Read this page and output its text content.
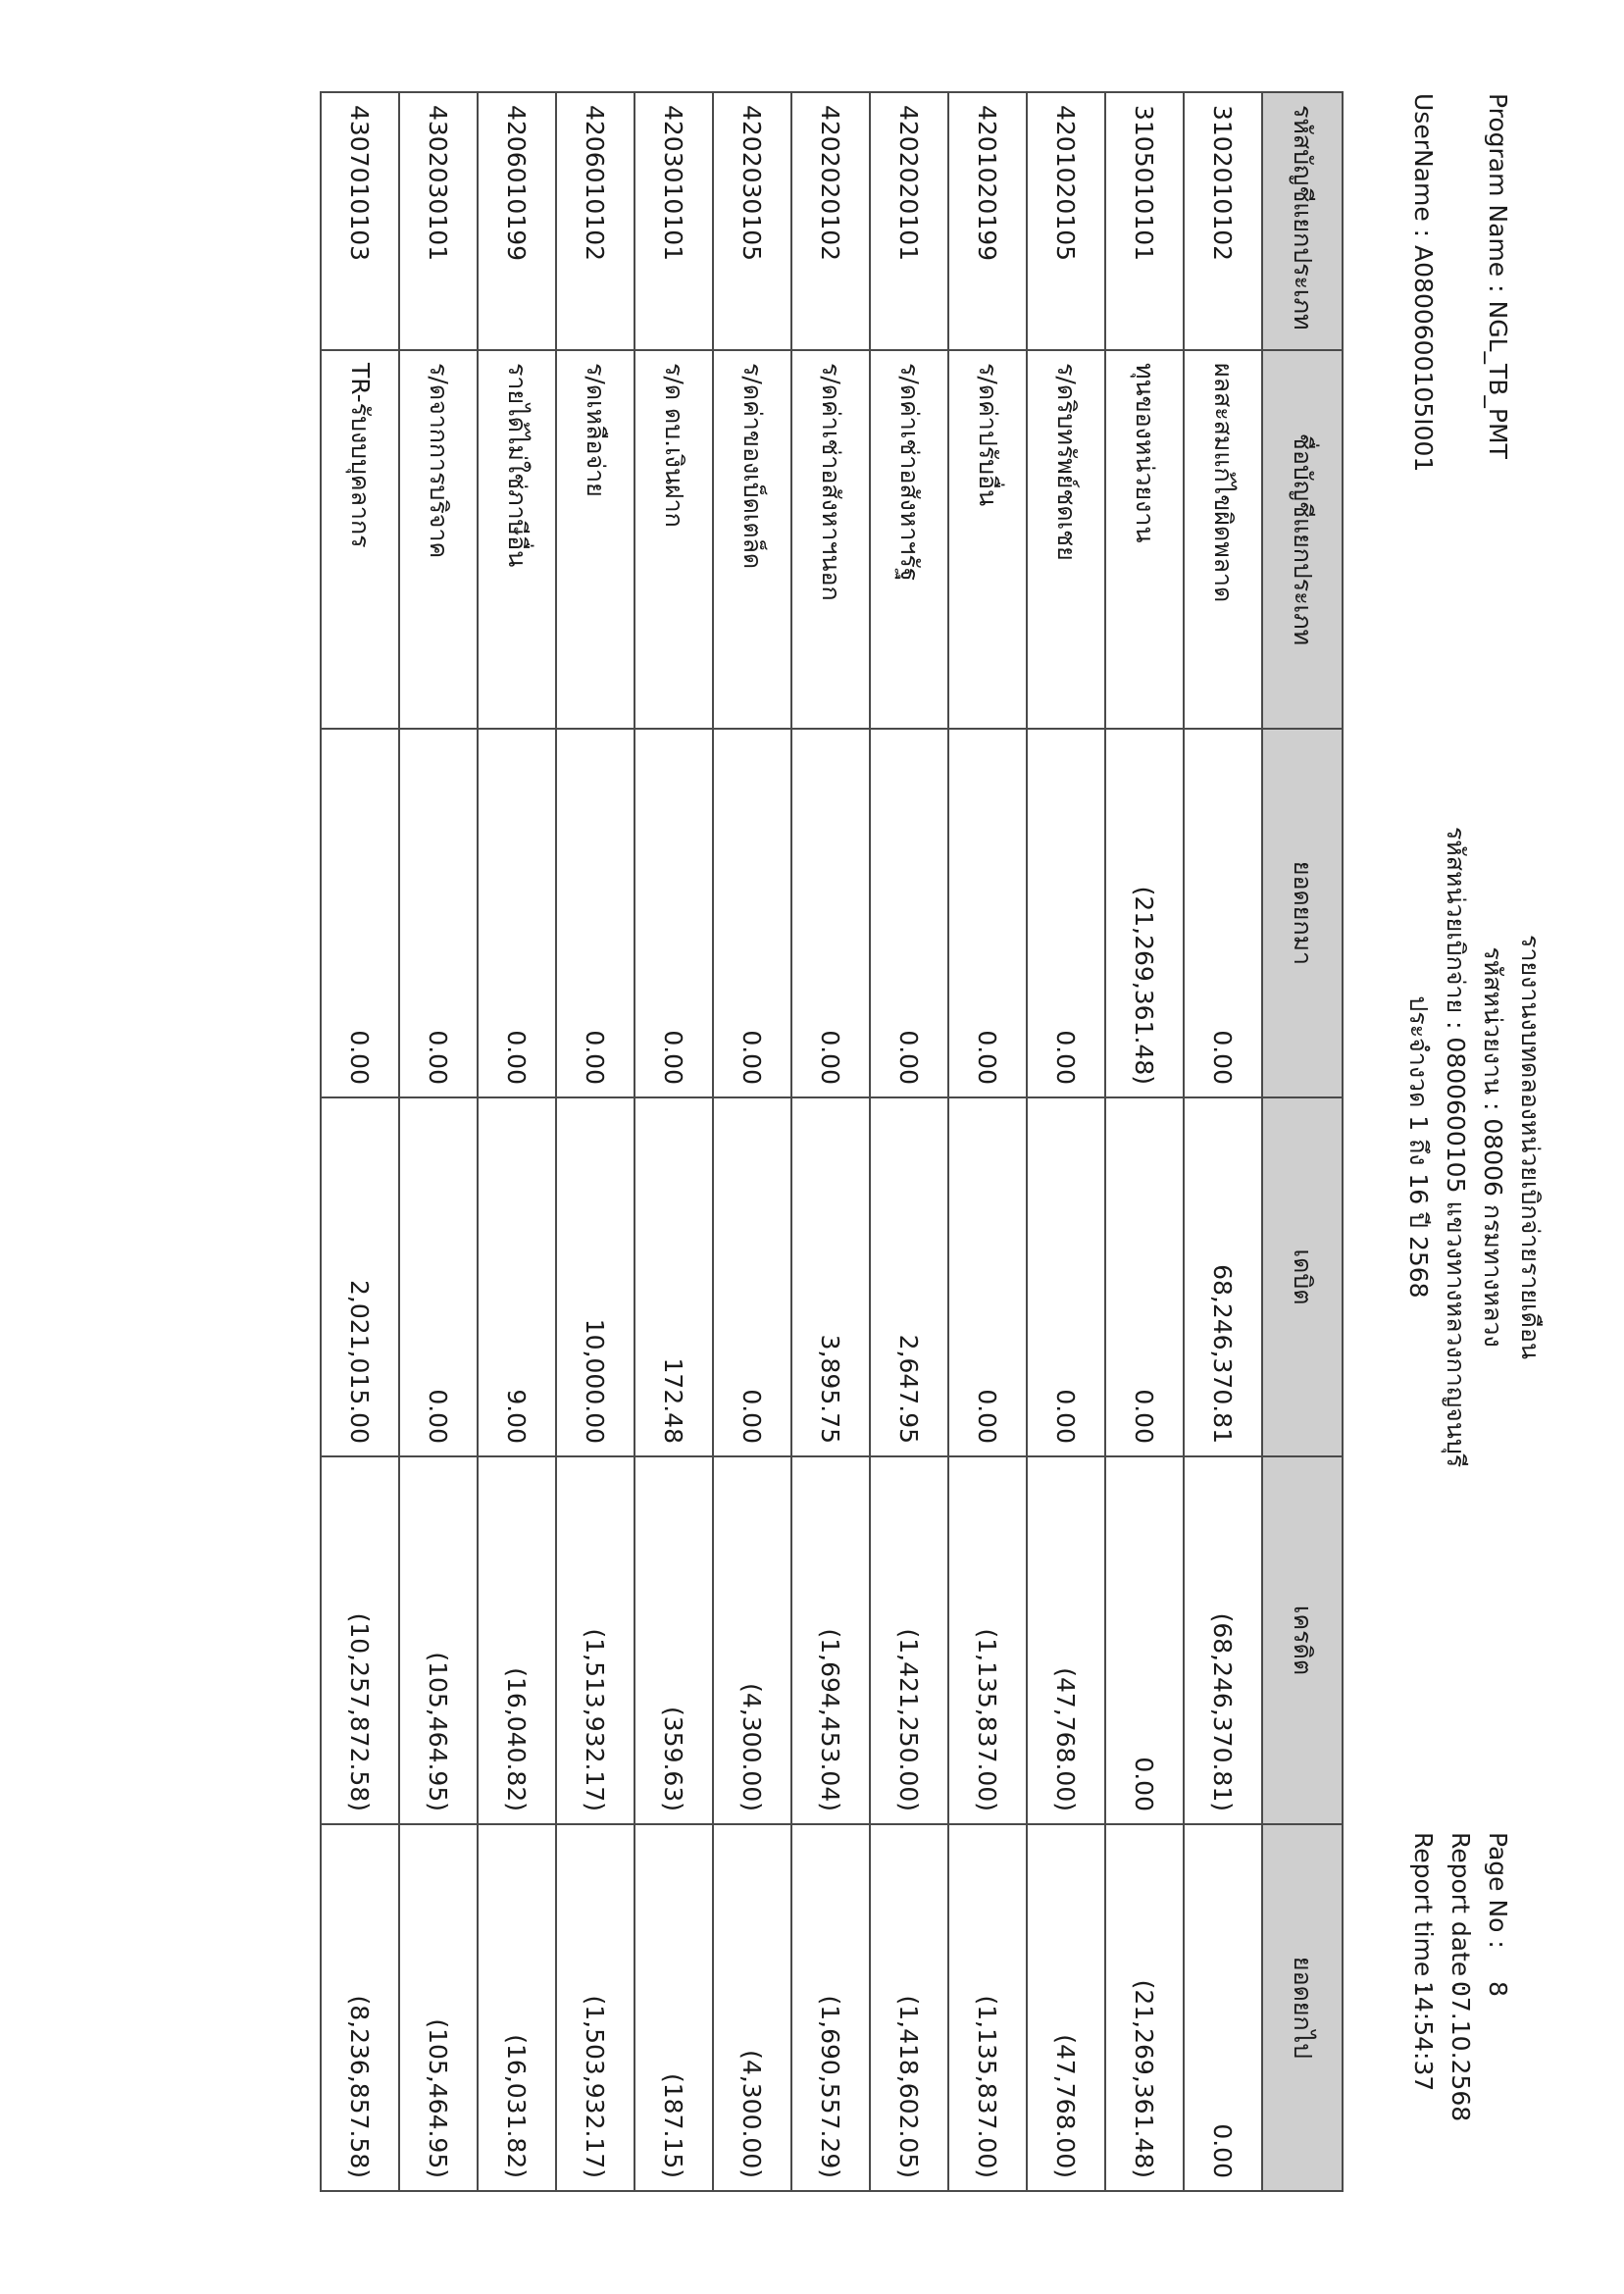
Program Name : NGL_TB_PMT
UserName : A0800600105I001
รายงานงบทดลองหน่วยเบิกจ่ายรายเดือน
รหัสหน่วยงาน : 08006 กรมทางหลวง
รหัสหน่วยเบิกจ่าย : 0800600105 แขวงทางหลวงกาญจนบุรี
ประจำงวด 1 ถึง 16 ปี 2568
Page No :8
Report date :07.10.2568
Report time :14:54:37
รหัสบัญชีแยกประเภท	ชื่อบัญชีแยกประเภท	ยอดยกมา	เดบิต	เครดิต	ยอดยกไป
3102010102	ผลสะสมแก้ไขผิดพลาด	0.00	68,246,370.81	(68,246,370.81)	0.00
3105010101	ทุนของหน่วยงาน	(21,269,361.48)	0.00	0.00	(21,269,361.48)
4201020105	ร/ดริบทรัพย์ชดเชย	0.00	0.00	(47,768.00)	(47,768.00)
4201020199	ร/ดค่าปรับอื่น	0.00	0.00	(1,135,837.00)	(1,135,837.00)
4202020101	ร/ดค่าเช่าอสังหาฯรัฐ	0.00	2,647.95	(1,421,250.00)	(1,418,602.05)
4202020102	ร/ดค่าเช่าอสังหาฯนอก	0.00	3,895.75	(1,694,453.04)	(1,690,557.29)
4202030105	ร/ดค่าของเบ็ดเตล็ด	0.00	0.00	(4,300.00)	(4,300.00)
4203010101	ร/ด ดบ.เงินฝาก	0.00	172.48	(359.63)	(187.15)
4206010102	ร/ดเหลือจ่าย	0.00	10,000.00	(1,513,932.17)	(1,503,932.17)
4206010199	รายได้ไม่ใช่ภาษีอื่น	0.00	9.00	(16,040.82)	(16,031.82)
4302030101	ร/ดจากการบริจาค	0.00	0.00	(105,464.95)	(105,464.95)
4307010103	TR-รับงบบุคลากร	0.00	2,021,015.00	(10,257,872.58)	(8,236,857.58)
